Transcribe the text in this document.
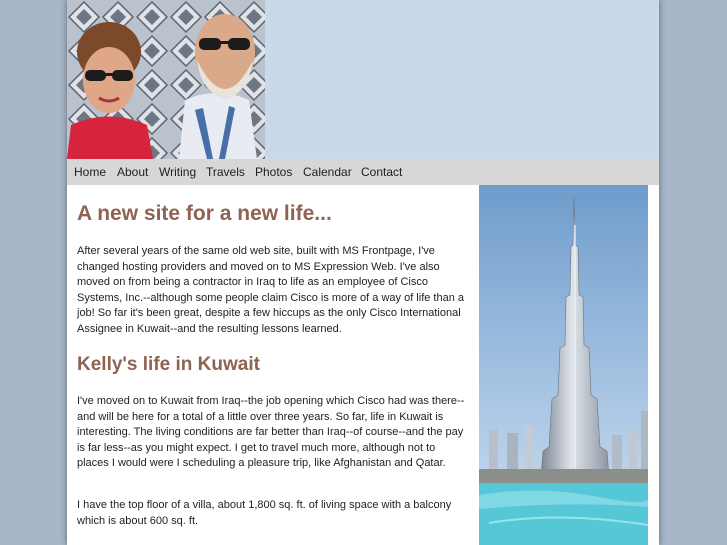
Home About Writing Travels Photos Calendar Contact
A new site for a new life...

After several years of the same old web site, built with MS Frontpage, I've changed hosting providers and moved on to MS Expression Web. I've also moved on from being a contractor in Iraq to life as an employee of Cisco Systems, Inc.--although some people claim Cisco is more of a way of life than a job! So far it's been great, despite a few hiccups as the only Cisco International Assignee in Kuwait--and the resulting lessons learned.

Kelly's life in Kuwait

I've moved on to Kuwait from Iraq--the job opening which Cisco had was there--and will be here for a total of a little over three years. So far, life in Kuwait is interesting. The living conditions are far better than Iraq--of course--and the pay is far less--as you might expect. I get to travel much more, although not to places I would were I scheduling a pleasure trip, like Afghanistan and Qatar.

I have the top floor of a villa, about 1,800 sq. ft. of living space with a balcony which is about 600 sq. ft.
